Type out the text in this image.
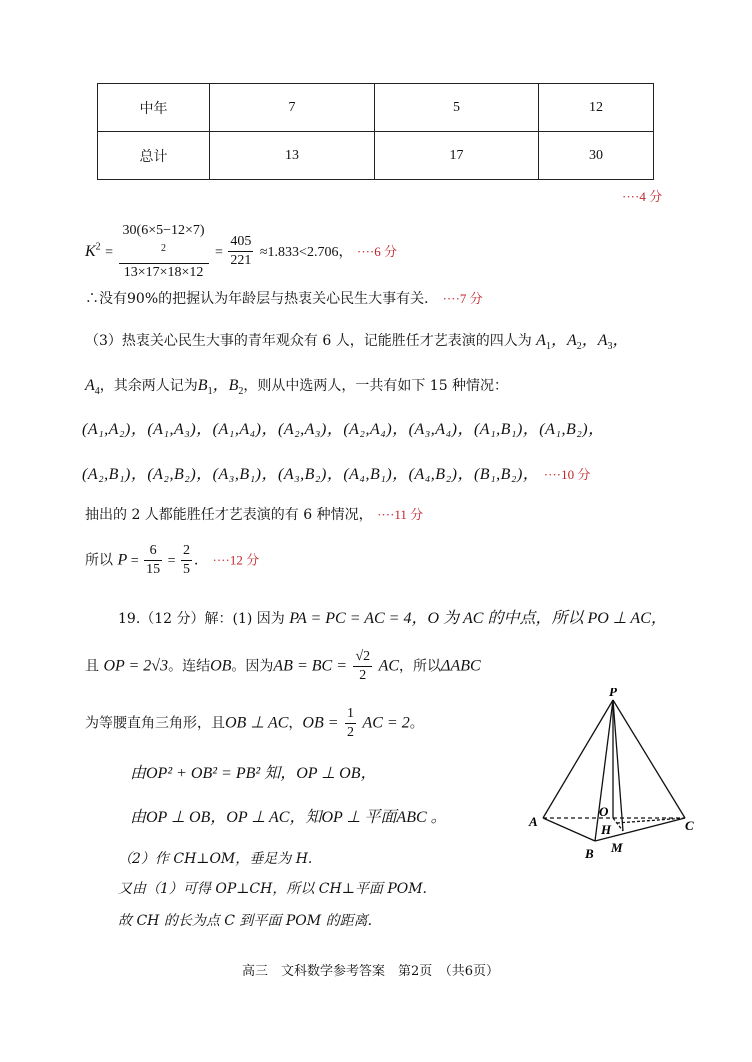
中年	7	5	12
总计	13	17	30
····4 分
$K^2 = 30(6\times 5-12\times 7)$
$^2$
$13\times 17\times 18\times 12 = \frac{405}{221} \approx 1.833<2.706$， ····6 分
∴没有90%的把握认为年龄层与热衷关心民生大事有关． ····7 分
（3）热衷关心民生大事的青年观众有 6 人，记能胜任才艺表演的四人为 $A_1$，$A_2$，$A_3$，
$A_4$，其余两人记为$B_1$，$B_2$，则从中选两人，一共有如下 15 种情况：
(A₁,A₂)，(A₁,A₃)，(A₁,A₄)，(A₂,A₃)，(A₂,A₄)，(A₃,A₄)，(A₁,B₁)，(A₁,B₂)，
(A₂,B₁)，(A₂,B₂)，(A₃,B₁)，(A₃,B₂)，(A₄,B₁)，(A₄,B₂)，(B₁,B₂)， ····10 分
抽出的 2 人都能胜任才艺表演的有 6 种情况， ····11 分
所以 $P = \frac{6}{15} = \frac{2}{5}$ ． ····12 分
19.（12 分）解：(1) 因为 PA = PC = AC = 4，O 为 AC 的中点，所以 PO ⊥ AC，
且 OP = 2√3。连结OB。因为AB = BC = $\frac{√2}{2}$ AC，所以ΔABC
为等腰直角三角形，且OB ⊥ AC，OB = $\frac{1}{2}$ AC = 2。
由OP² + OB² = PB² 知，OP ⊥ OB，
由OP ⊥ OB，OP ⊥ AC，知OP ⊥ 平面ABC 。
（2）作 CH⊥OM，垂足为 H.
又由（1）可得 OP⊥CH，所以 CH⊥平面 POM.
故 CH 的长为点 C 到平面 POM 的距离.
P
A
B
C
O
H
M
高三　文科数学参考答案　第2页　（共6页）
